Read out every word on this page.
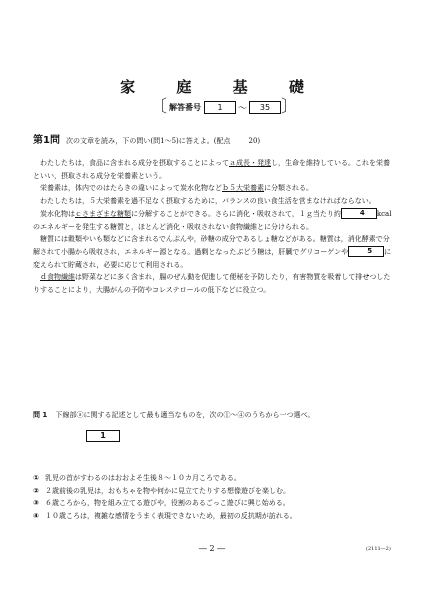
家 庭 基 礎
〔 解答番号	1	〜	35 〕
第1問 次の文章を読み，下の問い(問1〜5)に答えよ。(配点	20)

わたしたちは，食品に含まれる成分を摂取することによってａ成長・発達し，生命を維持している。これを栄養といい，摂取される成分を栄養素という。

栄養素は，体内でのはたらきの違いによって炭水化物などｂ５大栄養素に分類される。

わたしたちは，５大栄養素を過不足なく摂取するために，バランスの良い食生活を営まなければならない。

炭水化物はｃさまざまな糖類に分解することができる。さらに消化・吸収されて，１ｇ当たり約	4 kcalのエネルギーを発生する糖質と，ほとんど消化・吸収されない食物繊維とに分けられる。

糖質には穀類やいも類などに含まれるでんぷんや，砂糖の成分であるしょ糖などがある。糖質は，消化酵素で分解されて小腸から吸収され，エネルギー源となる。過剰となったぶどう糖は，肝臓でグリコーゲンや	5 に変えられて貯蔵され，必要に応じて利用される。

ｄ食物繊維は野菜などに多く含まれ，腸のぜん動を促進して便秘を予防したり，有害物質を吸着して排せつしたりすることにより，大腸がんの予防やコレステロールの低下などに役立つ。

問 1 下線部ⓐに関する記述として最も適当なものを，次の①〜④のうちから一つ選べ。
1
① 乳児の首がすわるのはおおよそ生後８〜１０カ月ころである。
② ２歳前後の乳児は，おもちゃを物や何かに見立てたりする想像遊びを楽しむ。
③ ６歳ころから，物を組み立てる遊びや，役割のあるごっこ遊びに興じ始める。
④ １０歳ころは，複雑な感情をうまく表現できないため，最初の反抗期が訪れる。
― 2 ―	(2111―2)
